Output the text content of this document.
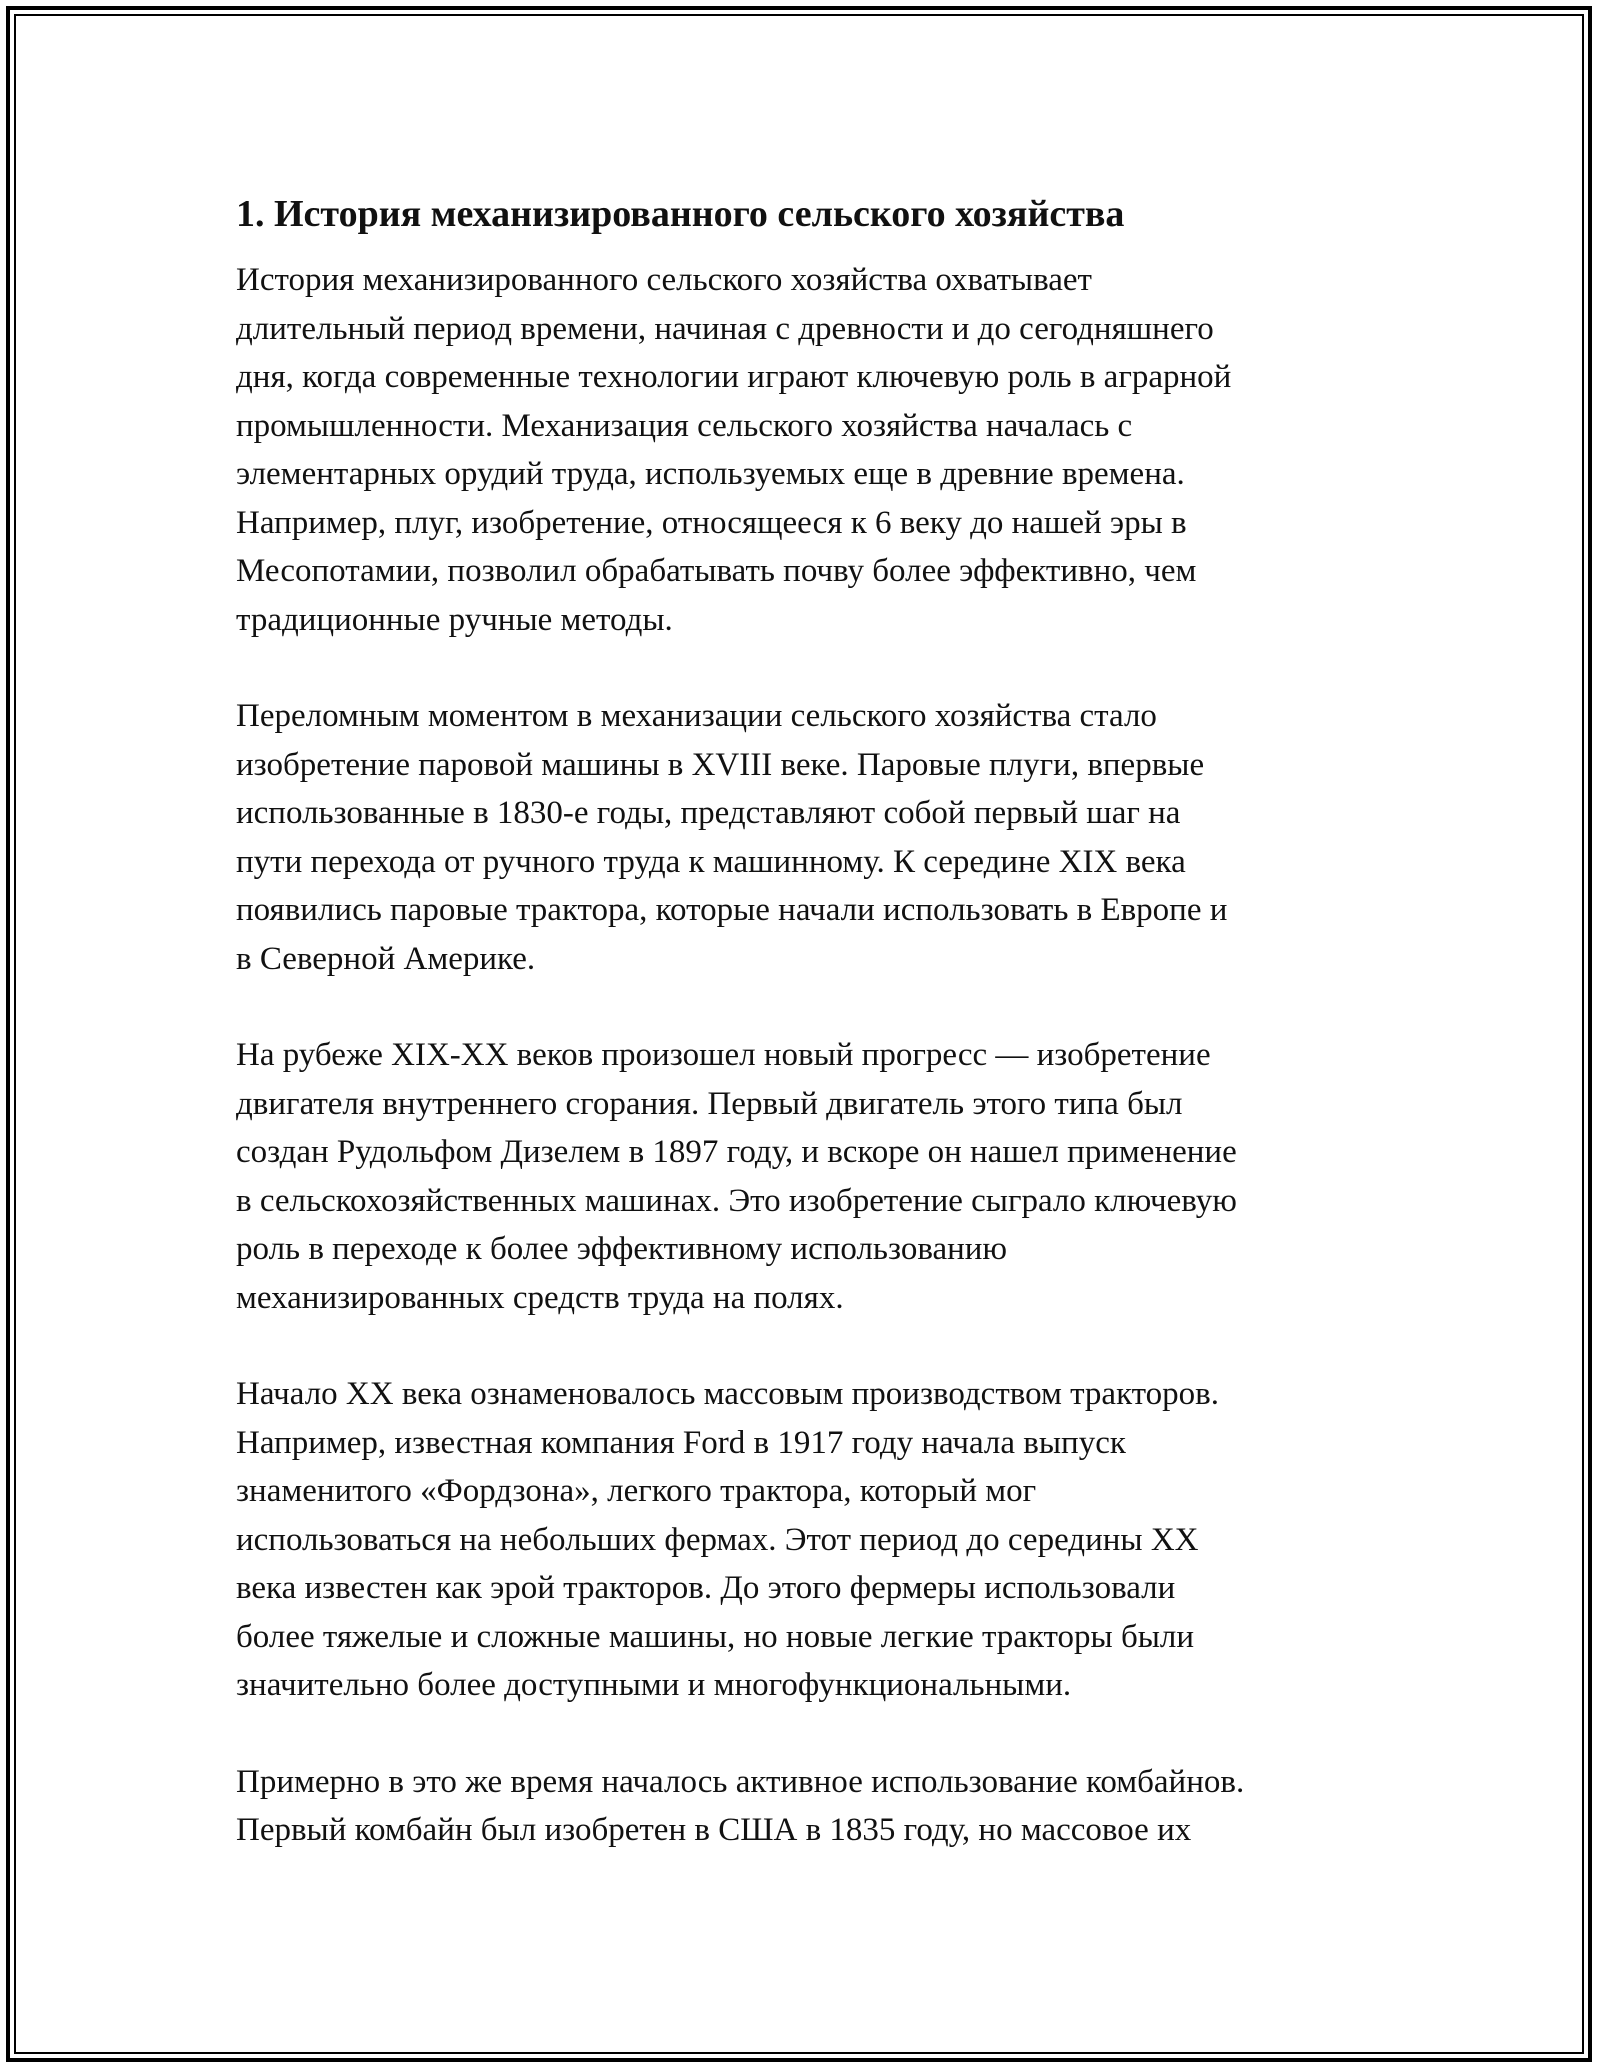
1. История механизированного сельского хозяйства
История механизированного сельского хозяйства охватывает
длительный период времени, начиная с древности и до сегодняшнего
дня, когда современные технологии играют ключевую роль в аграрной
промышленности. Механизация сельского хозяйства началась с
элементарных орудий труда, используемых еще в древние времена.
Например, плуг, изобретение, относящееся к 6 веку до нашей эры в
Месопотамии, позволил обрабатывать почву более эффективно, чем
традиционные ручные методы.
Переломным моментом в механизации сельского хозяйства стало
изобретение паровой машины в XVIII веке. Паровые плуги, впервые
использованные в 1830-е годы, представляют собой первый шаг на
пути перехода от ручного труда к машинному. К середине XIX века
появились паровые трактора, которые начали использовать в Европе и
в Северной Америке.
На рубеже XIX-XX веков произошел новый прогресс — изобретение
двигателя внутреннего сгорания. Первый двигатель этого типа был
создан Рудольфом Дизелем в 1897 году, и вскоре он нашел применение
в сельскохозяйственных машинах. Это изобретение сыграло ключевую
роль в переходе к более эффективному использованию
механизированных средств труда на полях.
Начало XX века ознаменовалось массовым производством тракторов.
Например, известная компания Ford в 1917 году начала выпуск
знаменитого «Фордзона», легкого трактора, который мог
использоваться на небольших фермах. Этот период до середины XX
века известен как эрой тракторов. До этого фермеры использовали
более тяжелые и сложные машины, но новые легкие тракторы были
значительно более доступными и многофункциональными.
Примерно в это же время началось активное использование комбайнов.
Первый комбайн был изобретен в США в 1835 году, но массовое их
